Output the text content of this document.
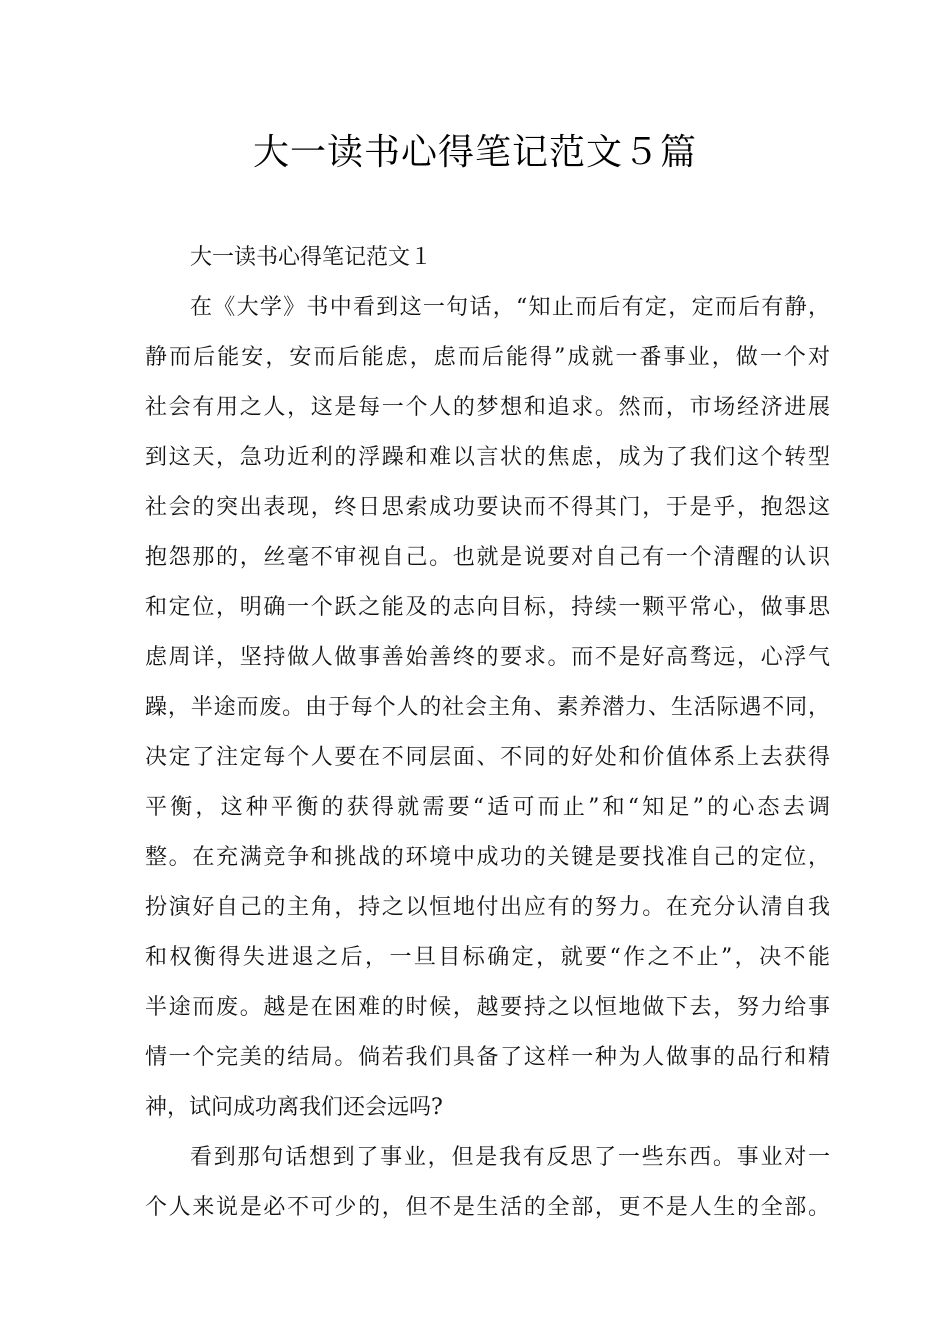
大一读书心得笔记范文５篇
大一读书心得笔记范文１
在《大学》书中看到这一句话，“知止而后有定，定而后有静，
静而后能安，安而后能虑，虑而后能得”成就一番事业，做一个对
社会有用之人，这是每一个人的梦想和追求。然而，市场经济进展
到这天，急功近利的浮躁和难以言状的焦虑，成为了我们这个转型
社会的突出表现，终日思索成功要诀而不得其门，于是乎，抱怨这
抱怨那的，丝毫不审视自己。也就是说要对自己有一个清醒的认识
和定位，明确一个跃之能及的志向目标，持续一颗平常心，做事思
虑周详，坚持做人做事善始善终的要求。而不是好高骛远，心浮气
躁，半途而废。由于每个人的社会主角、素养潜力、生活际遇不同，
决定了注定每个人要在不同层面、不同的好处和价值体系上去获得
平衡，这种平衡的获得就需要“适可而止”和“知足”的心态去调
整。在充满竞争和挑战的环境中成功的关键是要找准自己的定位，
扮演好自己的主角，持之以恒地付出应有的努力。在充分认清自我
和权衡得失进退之后，一旦目标确定，就要“作之不止”，决不能
半途而废。越是在困难的时候，越要持之以恒地做下去，努力给事
情一个完美的结局。倘若我们具备了这样一种为人做事的品行和精
神，试问成功离我们还会远吗?
看到那句话想到了事业，但是我有反思了一些东西。事业对一
个人来说是必不可少的，但不是生活的全部，更不是人生的全部。
